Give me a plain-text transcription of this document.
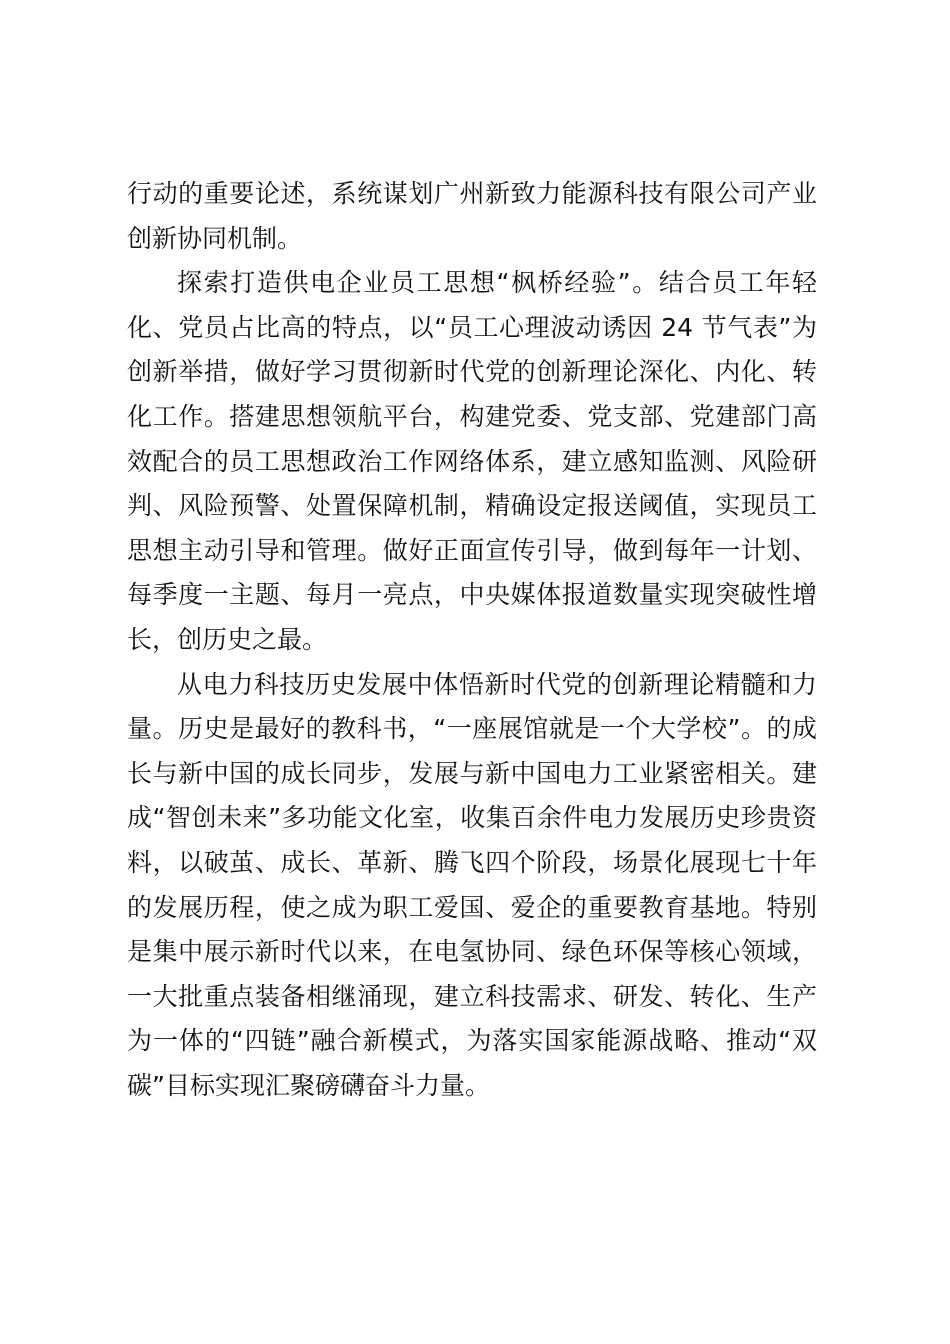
行动的重要论述，系统谋划广州新致力能源科技有限公司产业创新协同机制。

探索打造供电企业员工思想“枫桥经验”。结合员工年轻化、党员占比高的特点，以“员工心理波动诱因 24 节气表”为创新举措，做好学习贯彻新时代党的创新理论深化、内化、转化工作。搭建思想领航平台，构建党委、党支部、党建部门高效配合的员工思想政治工作网络体系，建立感知监测、风险研判、风险预警、处置保障机制，精确设定报送阈值，实现员工思想主动引导和管理。做好正面宣传引导，做到每年一计划、每季度一主题、每月一亮点，中央媒体报道数量实现突破性增长，创历史之最。

从电力科技历史发展中体悟新时代党的创新理论精髓和力量。历史是最好的教科书，“一座展馆就是一个大学校”。的成长与新中国的成长同步，发展与新中国电力工业紧密相关。建成“智创未来”多功能文化室，收集百余件电力发展历史珍贵资料，以破茧、成长、革新、腾飞四个阶段，场景化展现七十年的发展历程，使之成为职工爱国、爱企的重要教育基地。特别是集中展示新时代以来，在电氢协同、绿色环保等核心领域，一大批重点装备相继涌现，建立科技需求、研发、转化、生产为一体的“四链”融合新模式，为落实国家能源战略、推动“双碳”目标实现汇聚磅礴奋斗力量。
